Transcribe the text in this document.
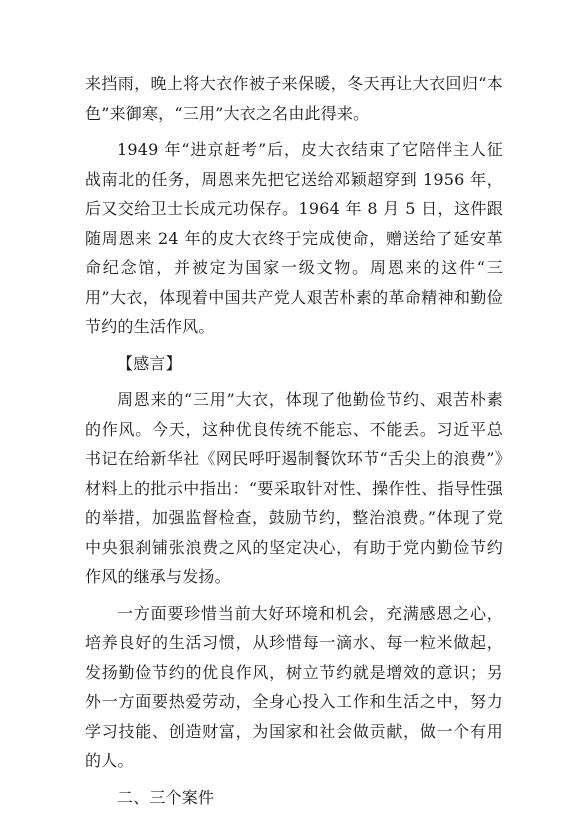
来挡雨，晚上将大衣作被子来保暖，冬天再让大衣回归“本色”来御寒，“三用”大衣之名由此得来。

1949 年“进京赶考”后，皮大衣结束了它陪伴主人征战南北的任务，周恩来先把它送给邓颖超穿到 1956 年，后又交给卫士长成元功保存。1964 年 8 月 5 日，这件跟随周恩来 24 年的皮大衣终于完成使命，赠送给了延安革命纪念馆，并被定为国家一级文物。周恩来的这件“三用”大衣，体现着中国共产党人艰苦朴素的革命精神和勤俭节约的生活作风。

【感言】

周恩来的“三用”大衣，体现了他勤俭节约、艰苦朴素的作风。今天，这种优良传统不能忘、不能丢。习近平总书记在给新华社《网民呼吁遏制餐饮环节“舌尖上的浪费”》材料上的批示中指出：“要采取针对性、操作性、指导性强的举措，加强监督检查，鼓励节约，整治浪费。”体现了党中央狠刹铺张浪费之风的坚定决心，有助于党内勤俭节约作风的继承与发扬。

一方面要珍惜当前大好环境和机会，充满感恩之心，培养良好的生活习惯，从珍惜每一滴水、每一粒米做起，发扬勤俭节约的优良作风，树立节约就是增效的意识；另外一方面要热爱劳动，全身心投入工作和生活之中，努力学习技能、创造财富，为国家和社会做贡献，做一个有用的人。

二、三个案件
